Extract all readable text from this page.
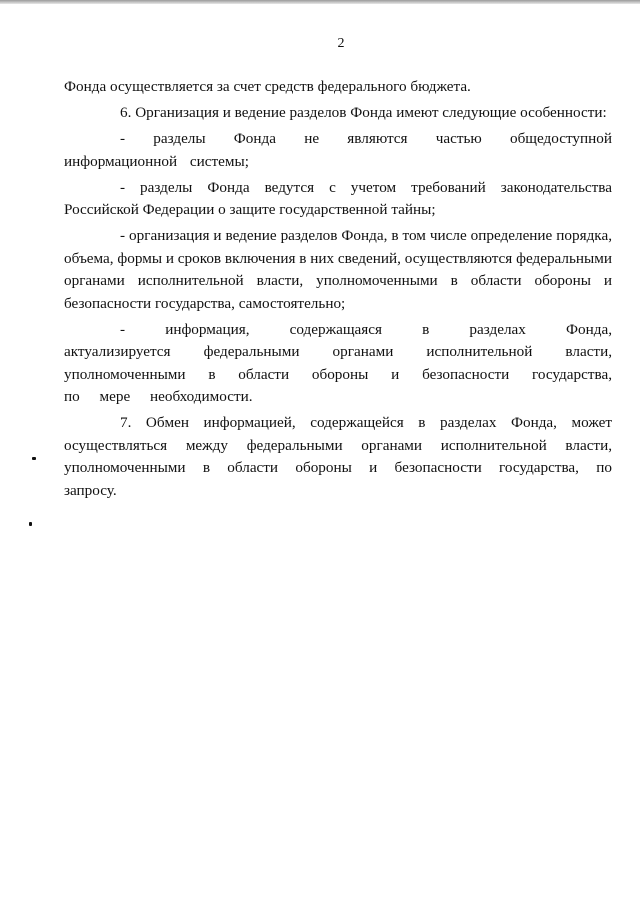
2

Фонда осуществляется за счет средств федерального бюджета.

6. Организация и ведение разделов Фонда имеют следующие особенности:

- разделы Фонда не являются частью общедоступной информационной системы;

- разделы Фонда ведутся с учетом требований законодательства Российской Федерации о защите государственной тайны;

- организация и ведение разделов Фонда, в том числе определение порядка, объема, формы и сроков включения в них сведений, осуществляются федеральными органами исполнительной власти, уполномоченными в области обороны и безопасности государства, самостоятельно;

- информация, содержащаяся в разделах Фонда, актуализируется федеральными органами исполнительной власти, уполномоченными в области обороны и безопасности государства, по мере необходимости.

7. Обмен информацией, содержащейся в разделах Фонда, может осуществляться между федеральными органами исполнительной власти, уполномоченными в области обороны и безопасности государства, по запросу.
